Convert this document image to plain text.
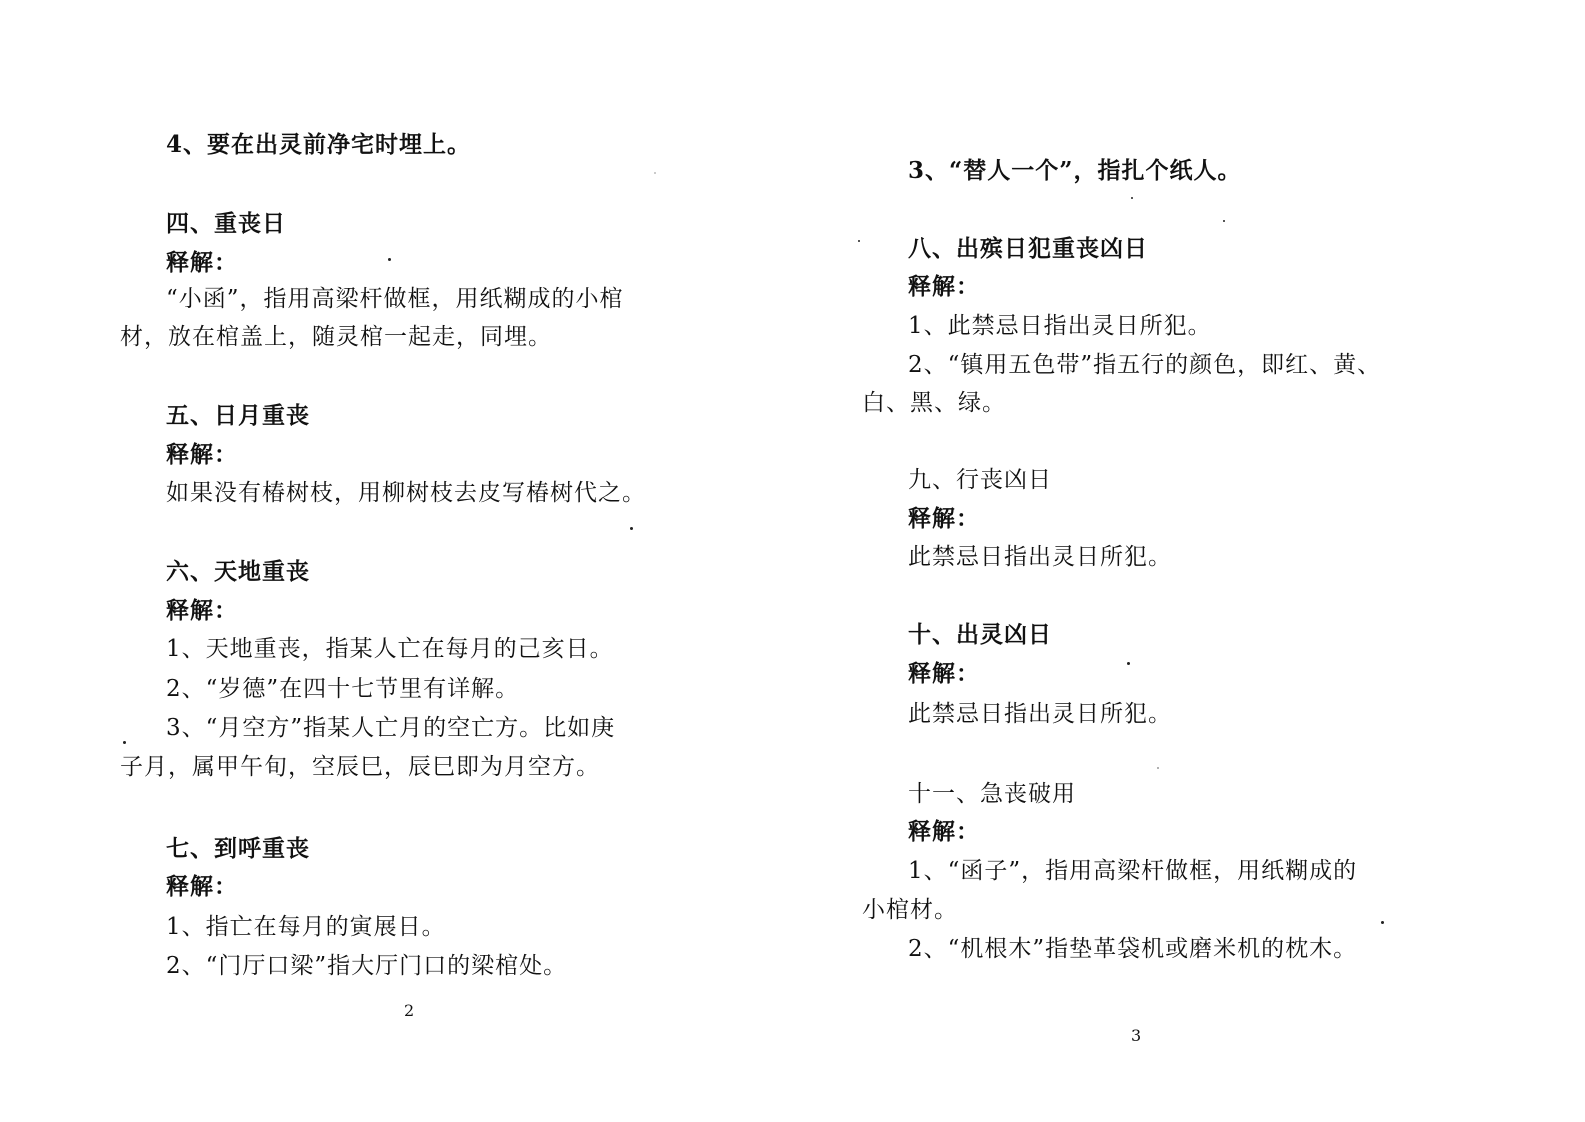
4、要在出灵前净宅时埋上。
四、重丧日
释解：
“小函”，指用高梁杆做框，用纸糊成的小棺
材，放在棺盖上，随灵棺一起走，同埋。
五、日月重丧
释解：
如果没有椿树枝，用柳树枝去皮写椿树代之。
六、天地重丧
释解：
1、天地重丧，指某人亡在每月的己亥日。
2、“岁德”在四十七节里有详解。
3、“月空方”指某人亡月的空亡方。比如庚
子月，属甲午旬，空辰巳，辰巳即为月空方。
七、到呼重丧
释解：
1、指亡在每月的寅展日。
2、“门厅口梁”指大厅门口的梁棺处。
2
3、“替人一个”，指扎个纸人。
八、出殡日犯重丧凶日
释解：
1、此禁忌日指出灵日所犯。
2、“镇用五色带”指五行的颜色，即红、黄、
白、黑、绿。
九、行丧凶日
释解：
此禁忌日指出灵日所犯。
十、出灵凶日
释解：
此禁忌日指出灵日所犯。
十一、急丧破用
释解：
1、“函子”，指用高梁杆做框，用纸糊成的
小棺材。
2、“机根木”指垫革袋机或磨米机的枕木。
3
